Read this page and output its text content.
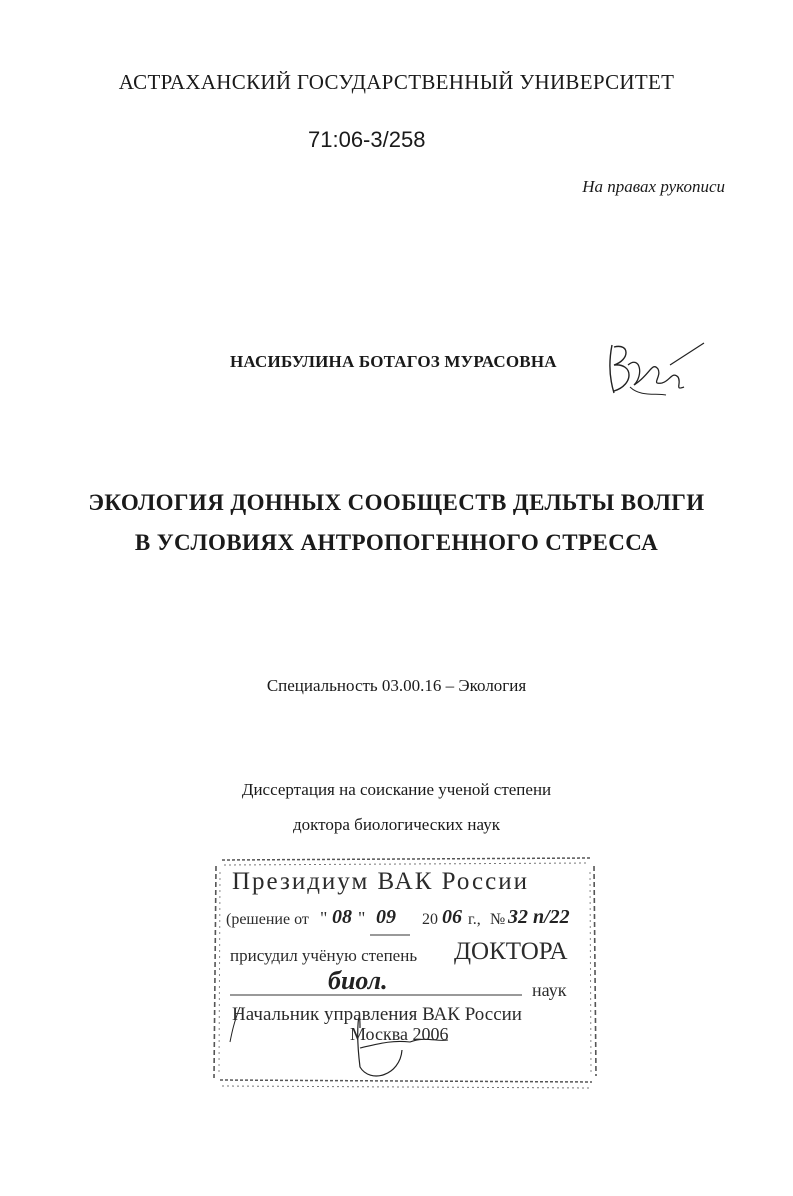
АСТРАХАНСКИЙ ГОСУДАРСТВЕННЫЙ УНИВЕРСИТЕТ
71:06-3/258
На правах рукописи
НАСИБУЛИНА БОТАГОЗ МУРАСОВНА
ЭКОЛОГИЯ ДОННЫХ СООБЩЕСТВ ДЕЛЬТЫ ВОЛГИ
В УСЛОВИЯХ АНТРОПОГЕННОГО СТРЕССА
Специальность 03.00.16 – Экология
Диссертация на соискание ученой степени
доктора биологических наук
Президиум ВАК России
(решение от " 08 " 09 20 06 г., № 32 п/22
присудил учёную степень ДОКТОРА
биол.	наук
Начальник управления ВАК России
Москва 2006
